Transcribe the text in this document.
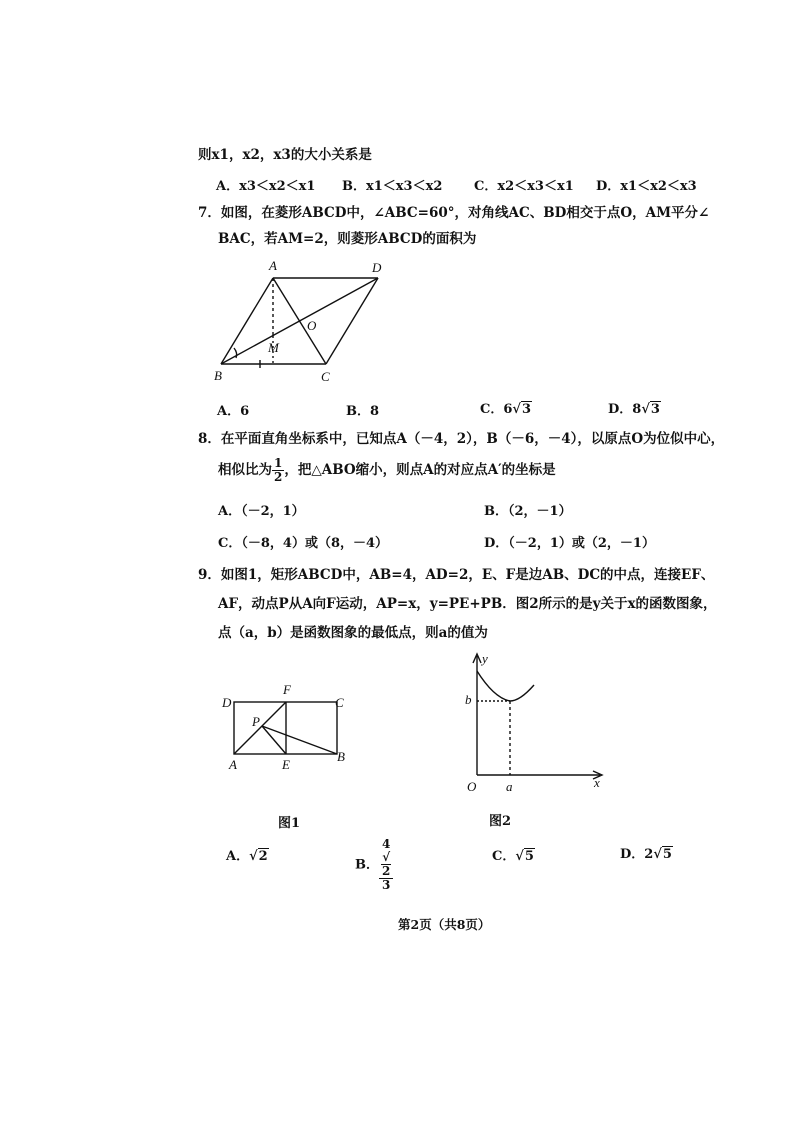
则x1，x2，x3的大小关系是
A．x3＜x2＜x1 B．x1＜x3＜x2 C．x2＜x3＜x1 D．x1＜x2＜x3
7．如图，在菱形ABCD中，∠ABC=60°，对角线AC、BD相交于点O，AM平分∠
BAC，若AM=2，则菱形ABCD的面积为
A	D
O
M
B	C
A．6	B．8	C．6√3	D．8√3
8．在平面直角坐标系中，已知点A（－4，2），B（－6，－4），以原点O为位似中心，
相似比为 $\frac{1}{2}$ ，把△ABO缩小，则点A的对应点A′的坐标是
A．（－2，1）	B．（2，－1）
C．（－8，4）或（8，－4）	D．（－2，1）或（2，－1）
9．如图1，矩形ABCD中，AB=4，AD=2，E、F是边AB、DC的中点，连接EF、
AF，动点P从A向F运动，AP=x，y=PE+PB．图2所示的是y关于x的函数图象，
点（a，b）是函数图象的最低点，则a的值为
D
F
C
P
A	E
B
图1
y
b
O a	x
图2
A．√2
B． 4
√
2
3	C．√5	D．2√5
第2页（共8页）
